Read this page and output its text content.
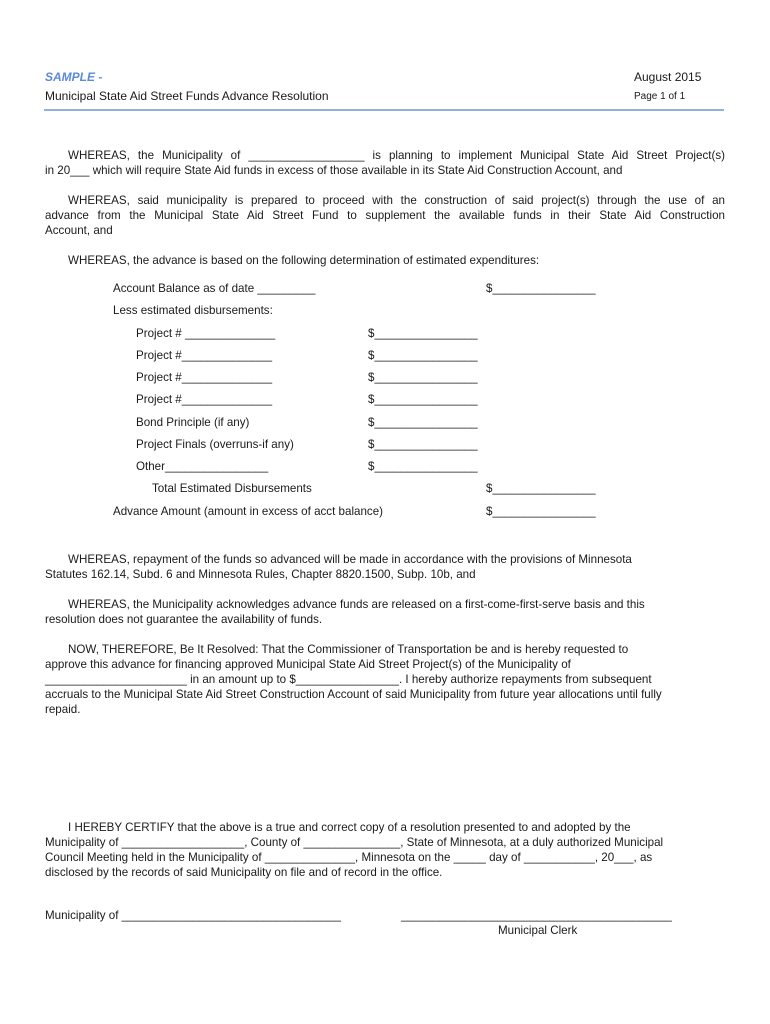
SAMPLE -
Municipal State Aid Street Funds Advance Resolution
August 2015
Page 1 of 1
WHEREAS, the Municipality of __________________ is planning to implement Municipal State Aid Street Project(s)
in 20___ which will require State Aid funds in excess of those available in its State Aid Construction Account, and
WHEREAS, said municipality is prepared to proceed with the construction of said project(s) through the use of an
advance from the Municipal State Aid Street Fund to supplement the available funds in their State Aid Construction
Account, and
WHEREAS, the advance is based on the following determination of estimated expenditures:
Account Balance as of date _________	$________________
Less estimated disbursements:
Project # ______________	$________________
Project #______________	$________________
Project #______________	$________________
Project #______________	$________________
Bond Principle (if any)	$________________
Project Finals (overruns-if any)	$________________
Other________________	$________________
Total Estimated Disbursements	$________________
Advance Amount (amount in excess of acct balance)	$________________
WHEREAS, repayment of the funds so advanced will be made in accordance with the provisions of Minnesota
Statutes 162.14, Subd. 6 and Minnesota Rules, Chapter 8820.1500, Subp. 10b, and
WHEREAS, the Municipality acknowledges advance funds are released on a first-come-first-serve basis and this
resolution does not guarantee the availability of funds.
NOW, THEREFORE, Be It Resolved: That the Commissioner of Transportation be and is hereby requested to
approve this advance for financing approved Municipal State Aid Street Project(s) of the Municipality of
______________________ in an amount up to $________________. I hereby authorize repayments from subsequent
accruals to the Municipal State Aid Street Construction Account of said Municipality from future year allocations until fully
repaid.
I HEREBY CERTIFY that the above is a true and correct copy of a resolution presented to and adopted by the
Municipality of ___________________, County of _______________, State of Minnesota, at a duly authorized Municipal
Council Meeting held in the Municipality of ______________, Minnesota on the _____ day of ___________, 20___, as
disclosed by the records of said Municipality on file and of record in the office.
Municipality of __________________________________	__________________________________________
Municipal Clerk
